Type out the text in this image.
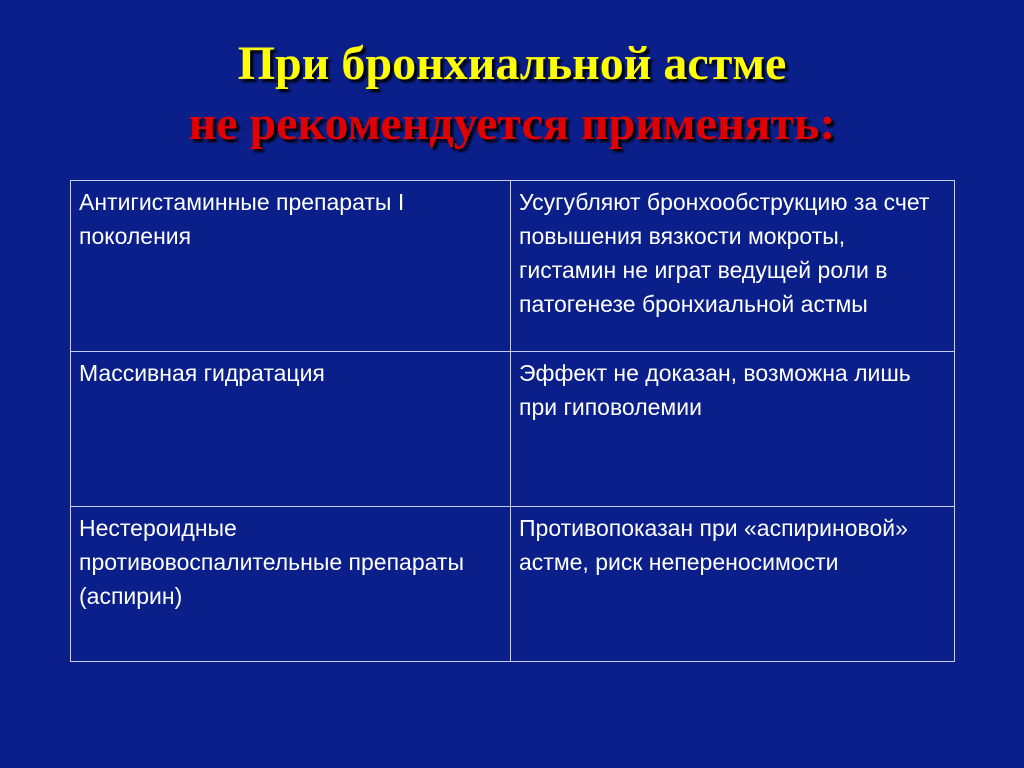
При бронхиальной астме
не рекомендуется применять:
Антигистаминные препараты I поколения	Усугубляют бронхообструкцию за счет повышения вязкости мокроты, гистамин не играт ведущей роли в патогенезе бронхиальной астмы
Массивная гидратация	Эффект не доказан, возможна лишь при гиповолемии
Нестероидные противовоспалительные препараты (аспирин)	Противопоказан при «аспириновой» астме, риск непереносимости
